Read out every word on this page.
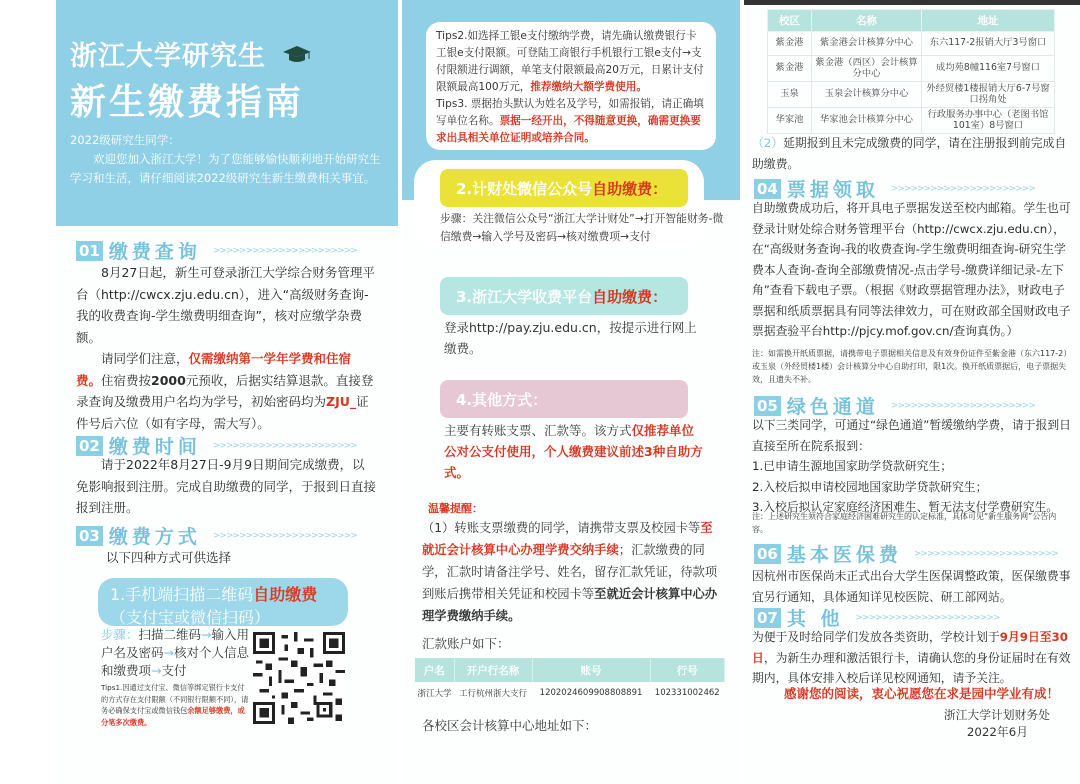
浙江大学研究生
新生缴费指南
2022级研究生同学：
欢迎您加入浙江大学！为了您能够愉快顺利地开始研究生学习和生活，请仔细阅读2022级研究生新生缴费相关事宜。
01 缴费查询 >>>>>>>>>>>>>>>>>>>>>>
8月27日起，新生可登录浙江大学综合财务管理平台（http://cwcx.zju.edu.cn），进入“高级财务查询-我的收费查询-学生缴费明细查询”，核对应缴学杂费额。
请同学们注意，仅需缴纳第一学年学费和住宿费。住宿费按2000元预收，后据实结算退款。直接登录查询及缴费用户名均为学号，初始密码均为ZJU_证件号后六位（如有字母，需大写）。
02 缴费时间 >>>>>>>>>>>>>>>>>>>>>>
请于2022年8月27日-9月9日期间完成缴费，以免影响报到注册。完成自助缴费的同学，于报到日直接报到注册。
03 缴费方式 >>>>>>>>>>>>>>>>>>>>>>
以下四种方式可供选择
1.手机端扫描二维码自助缴费
（支付宝或微信扫码）
步骤：扫描二维码→输入用户名及密码→核对个人信息和缴费项→支付
Tips1.因通过支付宝、微信等绑定银行卡支付的方式存在支付限额（不同银行限额不同），请务必确保支付宝或微信钱包余额足够缴费，或分笔多次缴费。
Tips2.如选择工银e支付缴纳学费，请先确认缴费银行卡工银e支付限额。可登陆工商银行手机银行工银e支付→支付限额进行调额，单笔支付限额最高20万元，日累计支付限额最高100万元，推荐缴纳大额学费使用。
Tips3. 票据抬头默认为姓名及学号，如需报销，请正确填写单位名称。票据一经开出，不得随意更换，确需更换要求出具相关单位证明或培养合同。
2.计财处微信公众号 自助缴费：
步骤：关注微信公众号“浙江大学计财处”→打开智能财务-微信缴费→输入学号及密码→核对缴费项→支付
3.浙江大学收费平台 自助缴费：
登录http://pay.zju.edu.cn，按提示进行网上缴费。
4.其他方式：
主要有转账支票、汇款等。该方式仅推荐单位公对公支付使用，个人缴费建议前述3种自助方式。
温馨提醒：
（1）转账支票缴费的同学，请携带支票及校园卡等至就近会计核算中心办理学费交纳手续；汇款缴费的同学，汇款时请备注学号、姓名，留存汇款凭证，待款项到账后携带相关凭证和校园卡等至就近会计核算中心办理学费缴纳手续。
汇款账户如下：
户名	开户行名称	账号	行号
浙江大学	工行杭州浙大支行	1202024609908808891	102331002462
各校区会计核算中心地址如下：
校区	名称	地址
紫金港	紫金港会计核算分中心	东六117-2报销大厅3号窗口
紫金港	紫金港（西区）会计核算分中心	成均苑8幢116室7号窗口
玉泉	玉泉会计核算分中心	外经贸楼1楼报销大厅6-7号窗口拐角处
华家池	华家池会计核算分中心	行政服务办事中心（老图书馆101室）8号窗口
（2）延期报到且未完成缴费的同学，请在注册报到前完成自助缴费。
04 票据领取 >>>>>>>>>>>>>>>>>>>>>>
自助缴费成功后，将开具电子票据发送至校内邮箱。学生也可登录计财处综合财务管理平台（http://cwcx.zju.edu.cn），在“高级财务查询-我的收费查询-学生缴费明细查询-研究生学费本人查询-查询全部缴费情况-点击学号-缴费详细记录-左下角”查看下载电子票。（根据《财政票据管理办法》，财政电子票据和纸质票据具有同等法律效力，可在财政部全国财政电子票据查验平台http://pjcy.mof.gov.cn/查询真伪。）
注：如需换开纸质票据，请携带电子票据相关信息及有效身份证件至紫金港（东六117-2）或玉泉（外经贸楼1楼）会计核算分中心自助打印，限1次。换开纸质票据后，电子票据失效，且遗失不补。
05 绿色通道 >>>>>>>>>>>>>>>>>>>>>>
以下三类同学，可通过“绿色通道”暂缓缴纳学费，请于报到日直接至所在院系报到：
1.已申请生源地国家助学贷款研究生；
2.入校后拟申请校园地国家助学贷款研究生；
3.入校后拟认定家庭经济困难生、暂无法支付学费研究生。
注：上述研究生须符合家庭经济困难研究生的认定标准，具体可见“新生服务网”公告内容。
06 基本医保费 >>>>>>>>>>>>>>>>>>>>>>
因杭州市医保尚未正式出台大学生医保调整政策，医保缴费事宜另行通知，具体通知详见校医院、研工部网站。
07 其 他 >>>>>>>>>>>>>>>>>>>>>>
为便于及时给同学们发放各类资助，学校计划于9月9日至30日，为新生办理和激活银行卡，请确认您的身份证届时在有效期内，具体安排入校后详见校网通知，请予关注。
感谢您的阅读，衷心祝愿您在求是园中学业有成！
浙江大学计划财务处
2022年6月
